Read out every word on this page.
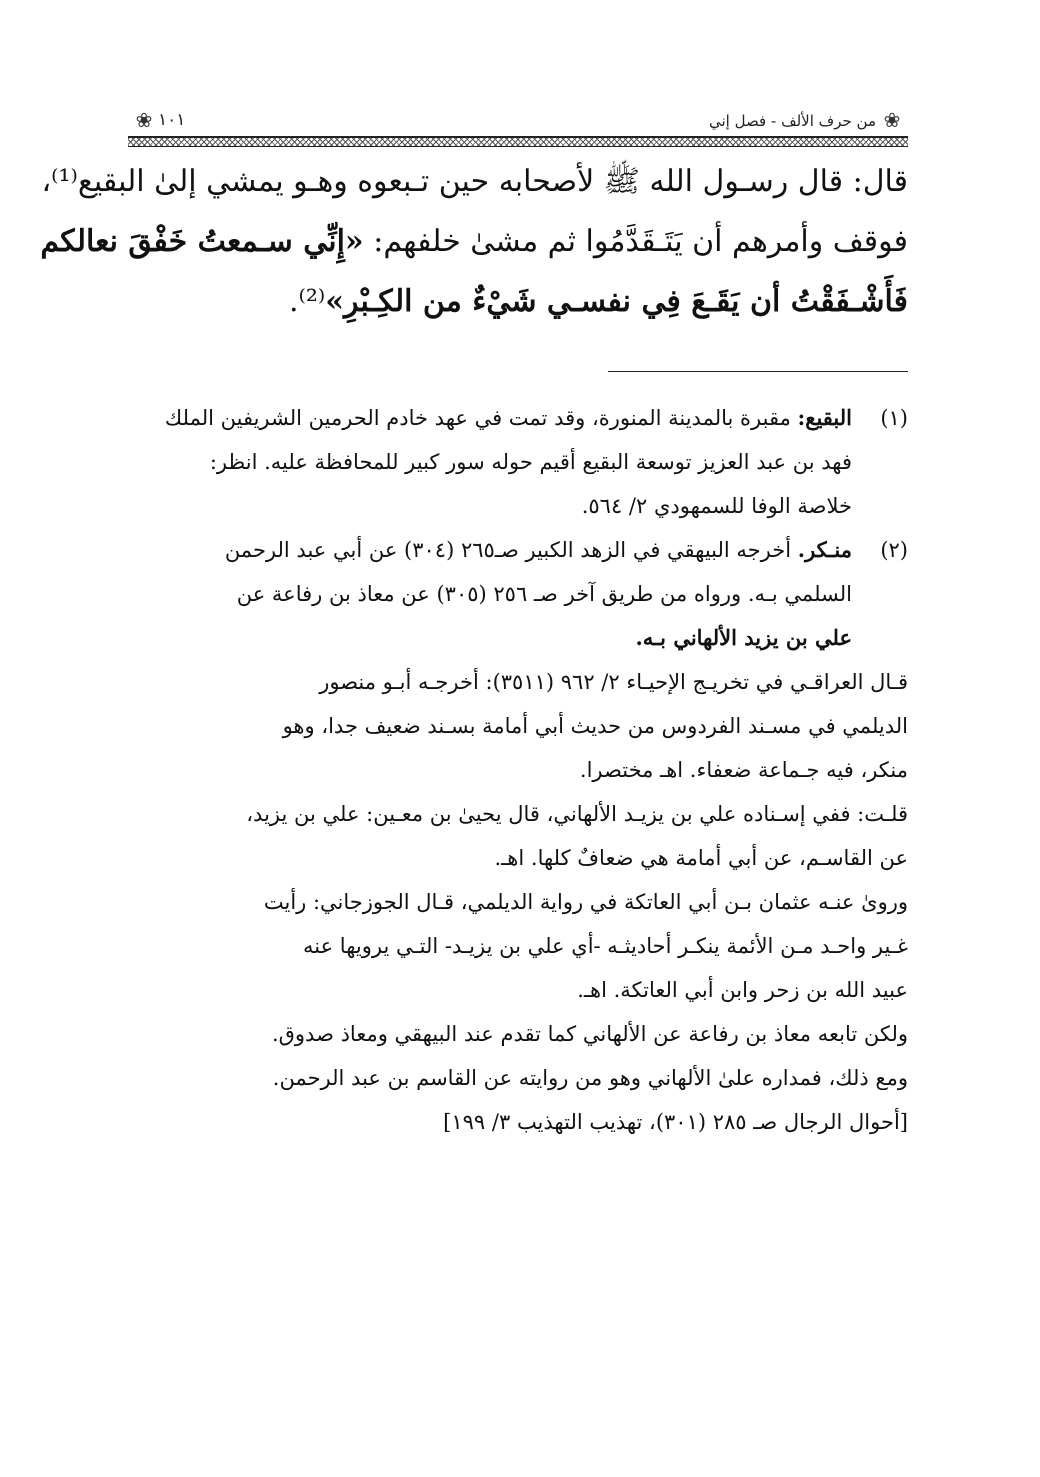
❀
من حرف الألف - فصل إني
١٠١
❀
قال: قال رسـول الله ﷺ لأصحابه حين تـبعوه وهـو يمشي إلىٰ البقيع⁽¹⁾،
فوقف وأمرهم أن يَتَـقَدَّمُوا ثم مشىٰ خلفهم: «إِنِّي سـمعتُ خَفْقَ نعالكم
فَأَشْـفَقْتُ أن يَقَـعَ فِي نفسـي شَيْءٌ من الكِـبْرِ»⁽²⁾.
(١)
البقيع: مقبرة بالمدينة المنورة، وقد تمت في عهد خادم الحرمين الشريفين الملك
فهد بن عبد العزيز توسعة البقيع أقيم حوله سور كبير للمحافظة عليه. انظر:
خلاصة الوفا للسمهودي ٢/ ٥٦٤.
(٢)
منـكر. أخرجه البيهقي في الزهد الكبير صـ٢٦٥ (٣٠٤) عن أبي عبد الرحمن
السلمي بـه. ورواه من طريق آخر صـ ٢٥٦ (٣٠٥) عن معاذ بن رفاعة عن
علي بن يزيد الألهاني بـه.
قـال العراقـي في تخريـج الإحيـاء ٢/ ٩٦٢ (٣٥١١): أخرجـه أبـو منصور
الديلمي في مسـند الفردوس من حديث أبي أمامة بسـند ضعيف جدا، وهو
منكر، فيه جـماعة ضعفاء. اهـ مختصرا.
قلـت: ففي إسـناده علي بن يزيـد الألهاني، قال يحيىٰ بن معـين: علي بن يزيد،
عن القاسـم، عن أبي أمامة هي ضعافٌ كلها. اهـ.
ورویٰ عنـه عثمان بـن أبي العاتكة في رواية الديلمي، قـال الجوزجاني: رأيت
غـير واحـد مـن الأئمة ينكـر أحاديثـه -أي علي بن يزيـد- التـي يرويها عنه
عبيد الله بن زحر وابن أبي العاتكة. اهـ.
ولكن تابعه معاذ بن رفاعة عن الألهاني كما تقدم عند البيهقي ومعاذ صدوق.
ومع ذلك، فمداره علىٰ الألهاني وهو من روايته عن القاسم بن عبد الرحمن.
[أحوال الرجال صـ ٢٨٥ (٣٠١)، تهذيب التهذيب ٣/ ١٩٩]
